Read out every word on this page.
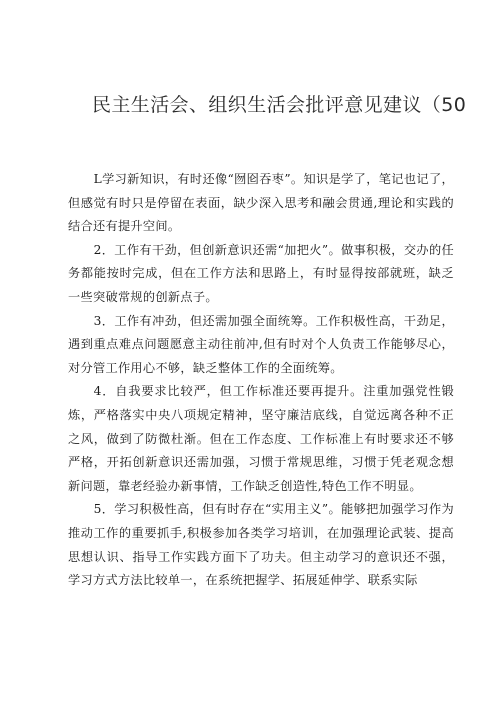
民主生活会、组织生活会批评意见建议（50

L学习新知识，有时还像“囫囵吞枣”。知识是学了，笔记也记了，但感觉有时只是停留在表面，缺少深入思考和融会贯通,理论和实践的结合还有提升空间。

2．工作有干劲，但创新意识还需“加把火”。做事积极，交办的任务都能按时完成，但在工作方法和思路上，有时显得按部就班，缺乏一些突破常规的创新点子。

3．工作有冲劲，但还需加强全面统筹。工作积极性高，干劲足，遇到重点难点问题愿意主动往前冲,但有时对个人负责工作能够尽心，对分管工作用心不够，缺乏整体工作的全面统筹。

4．自我要求比较严，但工作标准还要再提升。注重加强党性锻炼，严格落实中央八项规定精神，坚守廉洁底线，自觉远离各种不正之风，做到了防微杜渐。但在工作态度、工作标准上有时要求还不够严格，开拓创新意识还需加强，习惯于常规思维，习惯于凭老观念想新问题，靠老经验办新事情，工作缺乏创造性,特色工作不明显。

5．学习积极性高，但有时存在“实用主义”。能够把加强学习作为推动工作的重要抓手,积极参加各类学习培训，在加强理论武装、提高思想认识、指导工作实践方面下了功夫。但主动学习的意识还不强，学习方式方法比较单一，在系统把握学、拓展延伸学、联系实际
